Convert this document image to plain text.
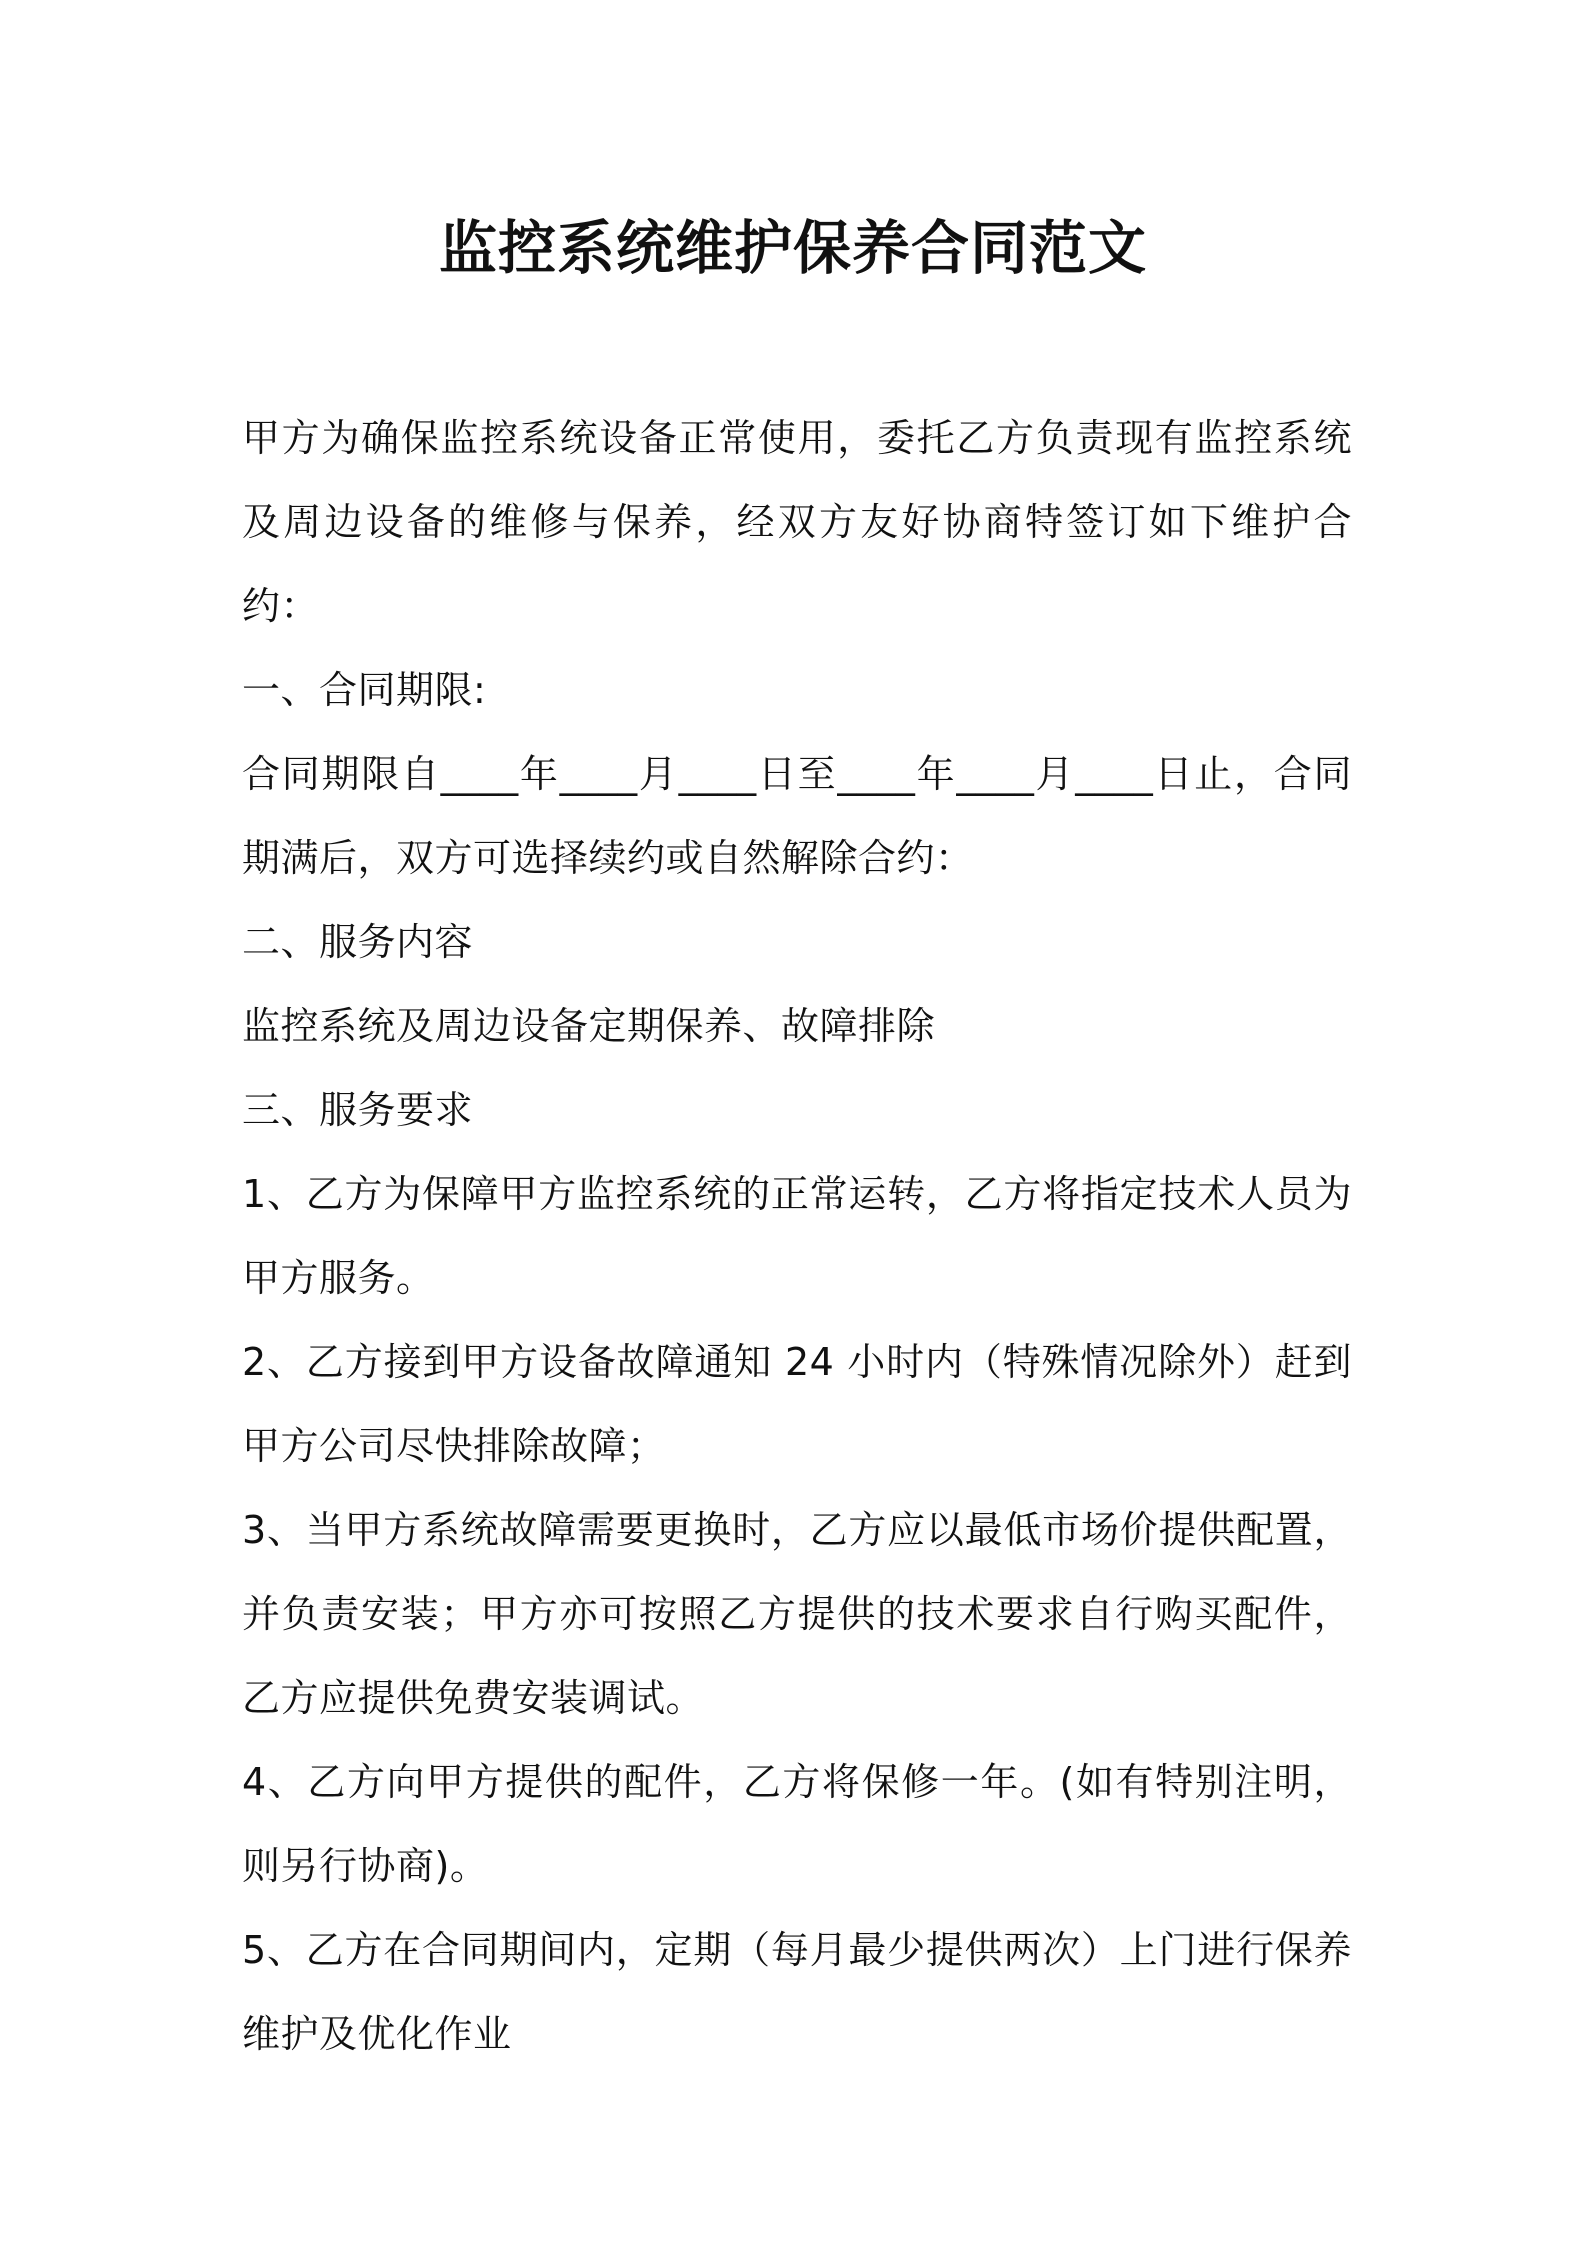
监控系统维护保养合同范文

甲方为确保监控系统设备正常使用，委托乙方负责现有监控系统及周边设备的维修与保养，经双方友好协商特签订如下维护合约：

一、合同期限:

合同期限自____年____月____日至____年____月____日止，合同期满后，双方可选择续约或自然解除合约：

二、服务内容

监控系统及周边设备定期保养、故障排除

三、服务要求

1、乙方为保障甲方监控系统的正常运转，乙方将指定技术人员为甲方服务。

2、乙方接到甲方设备故障通知 24 小时内（特殊情况除外）赶到甲方公司尽快排除故障；

3、当甲方系统故障需要更换时，乙方应以最低市场价提供配置，并负责安装；甲方亦可按照乙方提供的技术要求自行购买配件，乙方应提供免费安装调试。

4、乙方向甲方提供的配件，乙方将保修一年。(如有特别注明，则另行协商)。

5、乙方在合同期间内，定期（每月最少提供两次）上门进行保养维护及优化作业
